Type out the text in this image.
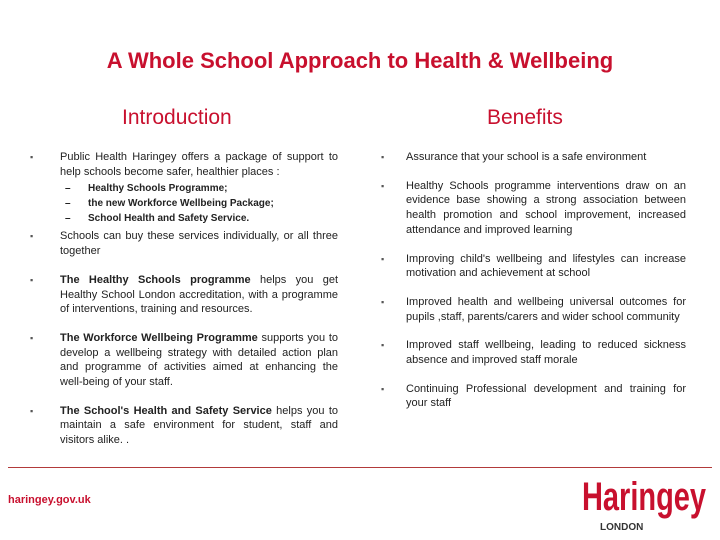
A Whole School Approach to Health & Wellbeing
Introduction	Benefits
▪	Public Health Haringey offers a package of support to help schools become safer, healthier places :
– Healthy Schools Programme;
– the new Workforce Wellbeing Package;
– School Health and Safety Service.
▪	Schools can buy these services individually, or all three together
▪	The Healthy Schools programme helps you get Healthy School London accreditation, with a programme of interventions, training and resources.
▪	The Workforce Wellbeing Programme supports you to develop a wellbeing strategy with detailed action plan and programme of activities aimed at enhancing the well-being of your staff.
▪	The School's Health and Safety Service helps you to maintain a safe environment for student, staff and visitors alike. .
▪	Assurance that your school is a safe environment
▪	Healthy Schools programme interventions draw on an evidence base showing a strong association between health promotion and school improvement, increased attendance and improved learning
▪	Improving child's wellbeing and lifestyles can increase motivation and achievement at school
▪	Improved health and wellbeing universal outcomes for pupils ,staff, parents/carers and wider school community
▪	Improved staff wellbeing, leading to reduced sickness absence and improved staff morale
▪	Continuing Professional development and training for your staff
haringey.gov.uk	Haringey
LONDON
